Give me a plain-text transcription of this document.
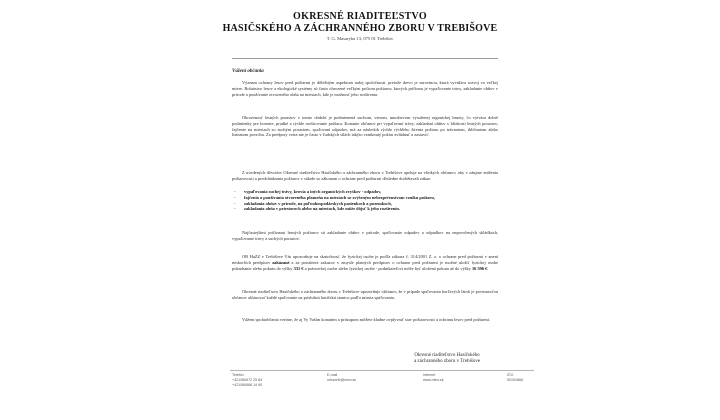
OKRESNÉ RIADITEĽSTVO
HASIČSKÉHO A ZÁCHRANNÉHO ZBORU V TREBIŠOVE
T. G. Masaryka 13, 075 01 Trebišov
Vážení občania
Význam ochrany lesov pred požiarmi je dôležitým aspektom našej spoločnosti, pretože drevo je surovinou, ktorá vyváživa rozvoj vo veľkej miere. Bohatstvo lesov a ekologické systémy sú často ohrozené veľkým počtom požiarov, ktorých príčinou je vypaľovanie trávy, zakladanie ohňov v prírode a používanie otvoreného ohňa na miestach, kde je možnosť jeho rozšírenia.
Ohrozenosť lesných porastov v tomto období je podmienená suchom, vetrom, množstvom vysušenej organickej hmoty, čo vytvára dobré podmienky pre horenie, prudké a rýchle rozširovanie požiaru. Konanie občanov pri vypaľovaní trávy, zakladaní ohňov v blízkosti lesných porastov, fajčenie na miestach so suchým porastom, spaľovaní odpadov, má za následok rýchlo rýchleho šírenia požiaru po trávnatom, ihličnatom alebo listnatom povrchu. Za predpory vetra nie je často v ľudských silách takýto vzniknutý požiar zvládnuť a zastaviť.
Z uvedených dôvodov Okresné riaditeľstvo Hasičského a záchranného zboru v Trebišove apeluje na všetkých občanov, aby v záujme zníženia požiarovosti a predchádzania požiarov v súlade so zákonom o ochrane pred požiarmi dôsledne dodržiavali zákaz:
- vypaľovania suchej trávy, krovia a iných organických zvyškov - odpadov,
- fajčenia a používania otvoreného plameňa na miestach so zvýšeným nebezpečenstvom vzniku požiaru,
- zakladania ohňov v prírode, na poľnohospodárskych pasienkoch a pozemkoch,
- zakladania ohňa v priestoroch alebo na miestach, kde môže dôjsť k jeho rozšíreniu.
Najčastejšími príčinami lesných požiarov sú zakladanie ohňov v prírode, spaľovanie odpadov a odpadkov na nepovolených skládkach, vypaľovanie trávy a suchých porastov.
OR HaZZ v Trebišove Vás upozorňuje na skutočnosť, že fyzickej osobe je podľa zákona č. 314/2001 Z. z. o ochrane pred požiarmi v znení neskorších predpisov zakázané a za porušenie zakazov v zmysle platných predpisov o ochrane pred požiarmi je možné uložiť fyzickej osobe pokarhanie alebo pokutu do výšky 331 € a právnickej osobe alebo fyzickej osobe - podnikateľovi môže byť uložená pokuta až do výšky 16 596 €.
Okresné riaditeľstvo Hasičského a záchranného zboru v Trebišove upozorňuje občanov, že v prípade spaľovania horľavých látok je povinnosťou občanov ohlasovať každé spaľovanie na príslušnú hasičskú stanicu podľa miesta spaľovania.
Vážení spoluobčania veríme, že aj Vy Vaším konaním a prístupom môžete kladne ovplyvniť stav požiarovosti a ochranu lesov pred požiarmi.
Okresné riaditeľstvo Hasičského
a záchranného zboru v Trebišove
Telefón
+421/56/672 25 84
+421/56/668 14 90
E-mail
orhazztv@minv.sk
Internet
www.minv.sk
IČO
00151866
